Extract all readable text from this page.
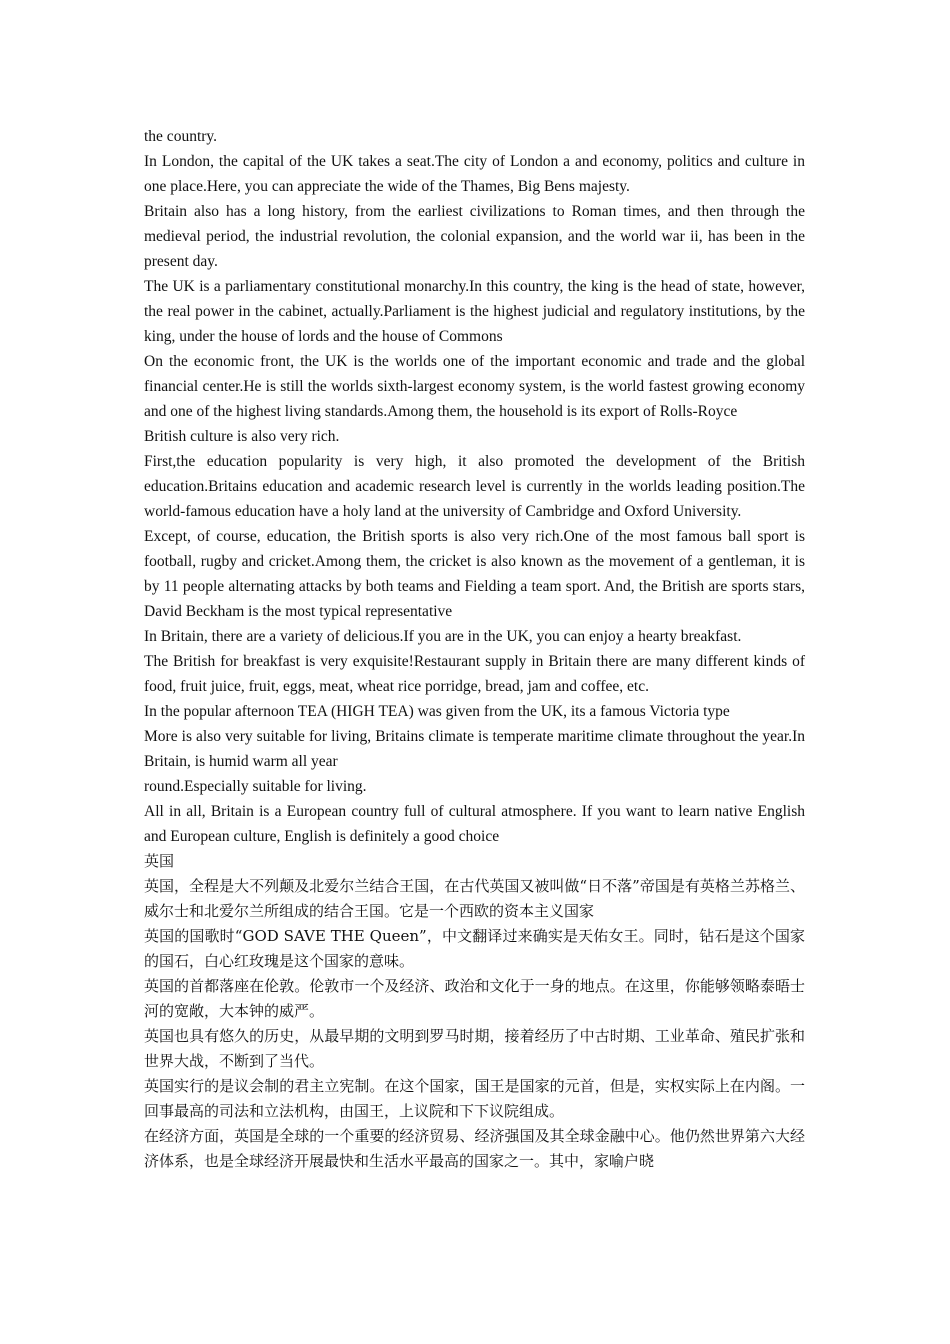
the country.

In London, the capital of the UK takes a seat.The city of London a and economy, politics and culture in one place.Here, you can appreciate the wide of the Thames, Big Bens majesty.

Britain also has a long history, from the earliest civilizations to Roman times, and then through the medieval period, the industrial revolution, the colonial expansion, and the world war ii, has been in the present day.

The UK is a parliamentary constitutional monarchy.In this country, the king is the head of state, however, the real power in the cabinet, actually.Parliament is the highest judicial and regulatory institutions, by the king, under the house of lords and the house of Commons

On the economic front, the UK is the worlds one of the important economic and trade and the global financial center.He is still the worlds sixth-largest economy system, is the world fastest growing economy and one of the highest living standards.Among them, the household is its export of Rolls-Royce

British culture is also very rich.

First,the education popularity is very high, it also promoted the development of the British education.Britains education and academic research level is currently in the worlds leading position.The world-famous education have a holy land at the university of Cambridge and Oxford University.

Except, of course, education, the British sports is also very rich.One of the most famous ball sport is football, rugby and cricket.Among them, the cricket is also known as the movement of a gentleman, it is by 11 people alternating attacks by both teams and Fielding a team sport. And, the British are sports stars, David Beckham is the most typical representative

In Britain, there are a variety of delicious.If you are in the UK, you can enjoy a hearty breakfast.

The British for breakfast is very exquisite!Restaurant supply in Britain there are many different kinds of food, fruit juice, fruit, eggs, meat, wheat rice porridge, bread, jam and coffee, etc.

In the popular afternoon TEA (HIGH TEA) was given from the UK, its a famous Victoria type

More is also very suitable for living, Britains climate is temperate maritime climate throughout the year.In Britain, is humid warm all year

round.Especially suitable for living.

All in all, Britain is a European country full of cultural atmosphere. If you want to learn native English and European culture, English is definitely a good choice

英国

英国，全程是大不列颠及北爱尔兰结合王国，在古代英国又被叫做“日不落”帝国是有英格兰苏格兰、威尔士和北爱尔兰所组成的结合王国。它是一个西欧的资本主义国家

英国的国歌时“GOD SAVE THE Queen”，中文翻译过来确实是天佑女王。同时，钻石是这个国家的国石，白心红玫瑰是这个国家的意味。

英国的首都落座在伦敦。伦敦市一个及经济、政治和文化于一身的地点。在这里，你能够领略泰晤士河的宽敞，大本钟的威严。

英国也具有悠久的历史，从最早期的文明到罗马时期，接着经历了中古时期、工业革命、殖民扩张和世界大战，不断到了当代。

英国实行的是议会制的君主立宪制。在这个国家，国王是国家的元首，但是，实权实际上在内阁。一回事最高的司法和立法机构，由国王，上议院和下下议院组成。

在经济方面，英国是全球的一个重要的经济贸易、经济强国及其全球金融中心。他仍然世界第六大经济体系，也是全球经济开展最快和生活水平最高的国家之一。其中，家喻户晓
